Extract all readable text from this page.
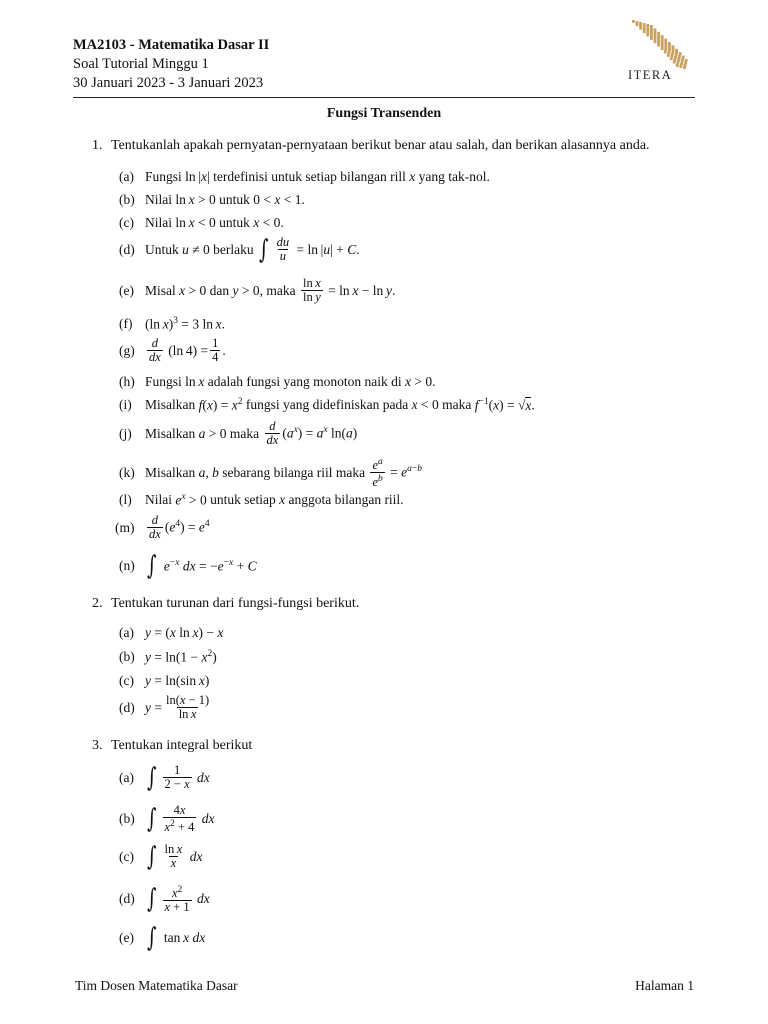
MA2103 - Matematika Dasar II
Soal Tutorial Minggu 1
30 Januari 2023 - 3 Januari 2023	ITERA
Fungsi Transenden
1. Tentukanlah apakah pernyatan-pernyataan berikut benar atau salah, dan berikan alasannya anda.
(a) Fungsi
ln |x|
terdefinisi untuk setiap bilangan rill
x
yang tak-nol.
(b) Nilai
ln x > 0
untuk
0 < x < 1.
(c) Nilai
ln x < 0
untuk
x < 0.
(d) Untuk
u ≠ 0
berlaku
∫ $\frac{du}{u} = \ln |u| + C$.
(e) Misal
x > 0
dan
y > 0,
maka
$\frac{\text{ln x}}{\text{ln y}} = \ln x - \ln y$.
(f) (ln x)$^3$ = 3 ln x.
$(g) \frac{d}{dx} (\ln$ $4) = \frac{1}{4}$ .
(h) Fungsi
ln x
adalah fungsi yang monoton naik di
x > 0.
(i) Misalkan
$f(x) = x^2$
fungsi yang didefiniskan pada
x < 0
maka
$f^{-1}(x) = √x$.
(j) Misalkan
a > 0
maka
$\frac{d}{dx} (a^x) = a^x$ ln(a)
(k) Misalkan
a, b
sebarang bilanga riil maka
$\frac{e^a}{e^b} = e^{a-b}$
(l) Nilai
$e^x > 0$
untuk setiap
x
anggota bilangan riil.
(m)	$\frac{d}{dx} (e^4) = e^4$
(n) ∫ $e^{-x}$ dx = $-e^{-x} + C$
2. Tentukan turunan dari fungsi-fungsi berikut.
(a) y = (x ln x) − x
(b) $y = \ln(1 - x^2)$
(c) y = ln(sin x)
(d) $y = \frac{\ln(x - 1)}{\text{ln x}}$
3. Tentukan integral berikut
(a) ∫ $\frac{1}{2 - x}$ dx
(b) ∫ $\frac{4x}{x^2 + 4}$ dx
(c) ∫ $\frac{\text{ln x}}{x}$ dx
(d) ∫ $\frac{x^2}{x + 1}$ dx
(e) ∫ tan x dx
Tim Dosen Matematika Dasar	Halaman 1
